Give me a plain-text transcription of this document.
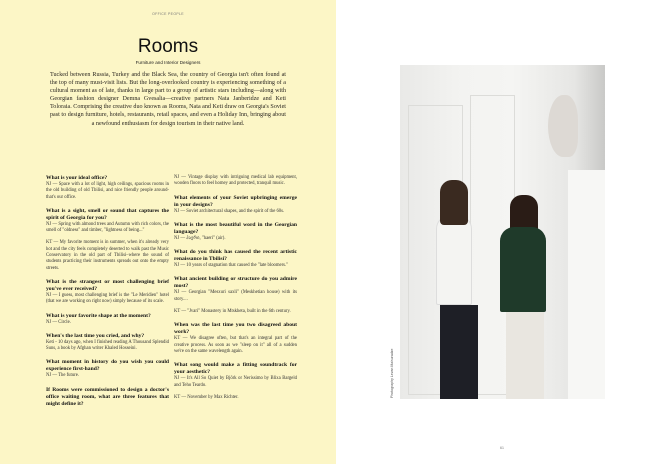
OFFICE PEOPLE
Rooms
Furniture and Interior Designers
Tucked between Russia, Turkey and the Black Sea, the country of Georgia isn't often found at the top of many must-visit lists. But the long-overlooked country is experiencing something of a cultural moment as of late, thanks in large part to a group of artistic stars including—along with Georgian fashion designer Demna Gvesalia—creative partners Nata Janberidze and Keti Toloraia. Comprising the creative duo known as Rooms, Nata and Keti draw on Georgia's Soviet past to design furniture, hotels, restaurants, retail spaces, and even a Holiday Inn, bringing about a newfound enthusiasm for design tourism in their native land.
What is your ideal office?
NJ — Space with a lot of light, high ceilings, spacious rooms in the old building of old Tbilisi, and nice friendly people around- that's our office.
What is a sight, smell or sound that captures the spirit of Georgia for you?
NJ — Spring with almond trees and Autumn with rich colors, the smell of "oldness" and timber, "lightness of being..."
KT — My favorite moment is in summer, when it's already very hot and the city feels completely deserted to walk past the Music Conservatory in the old part of Tbilisi–where the sound of students practicing their instruments spreads out onto the empty streets.
What is the strangest or most challenging brief you've ever received?
NJ — I guess, most challenging brief is the "Le Meridien" hotel (that we are working on right now) simply because of its scale.
What is your favorite shape at the moment?
NJ — Circle.
When's the last time you cried, and why?
Keti - 10 days ago, when I finished reading A Thousand Splendid Suns, a book by Afghan writer Khaled Hosseini.
What moment in history do you wish you could experience first-hand?
NJ — The future.
If Rooms were commissioned to design a doctor's office waiting room, what are three features that might define it?
NJ — Vintage display with intriguing medical lab equipment, wooden floors to feel homey and protected, tranquil music.
What elements of your Soviet upbringing emerge in your designs?
NJ — Soviet architectural shapes, and the spirit of the 60s.
What is the most beautiful word in the Georgian language?
NJ — ჰაერი, "haeri" (air).
What do you think has caused the recent artistic renaissance in Tbilisi?
NJ — 10 years of stagnation that caused the "late bloomers."
What ancient building or structure do you admire most?
NJ — Georgian "Mesxuri saxli" (Meskhetian house) with its story....
KT — "Jvari" Monastery in Mtskheta, built in the 6th century.
When was the last time you two disagreed about work?
KT — We disagree often, but that's an integral part of the creative process. As soon as we "sleep on it" all of a sudden we're on the same wavelength again.
What song would make a fitting soundtrack for your aesthetic?
NJ — It's All So Quiet by Björk or Nerissimo by Blixa Bargeld and Teho Teardo.
KT — November by Max Richter.	Photography Levan Maisuradze
61
